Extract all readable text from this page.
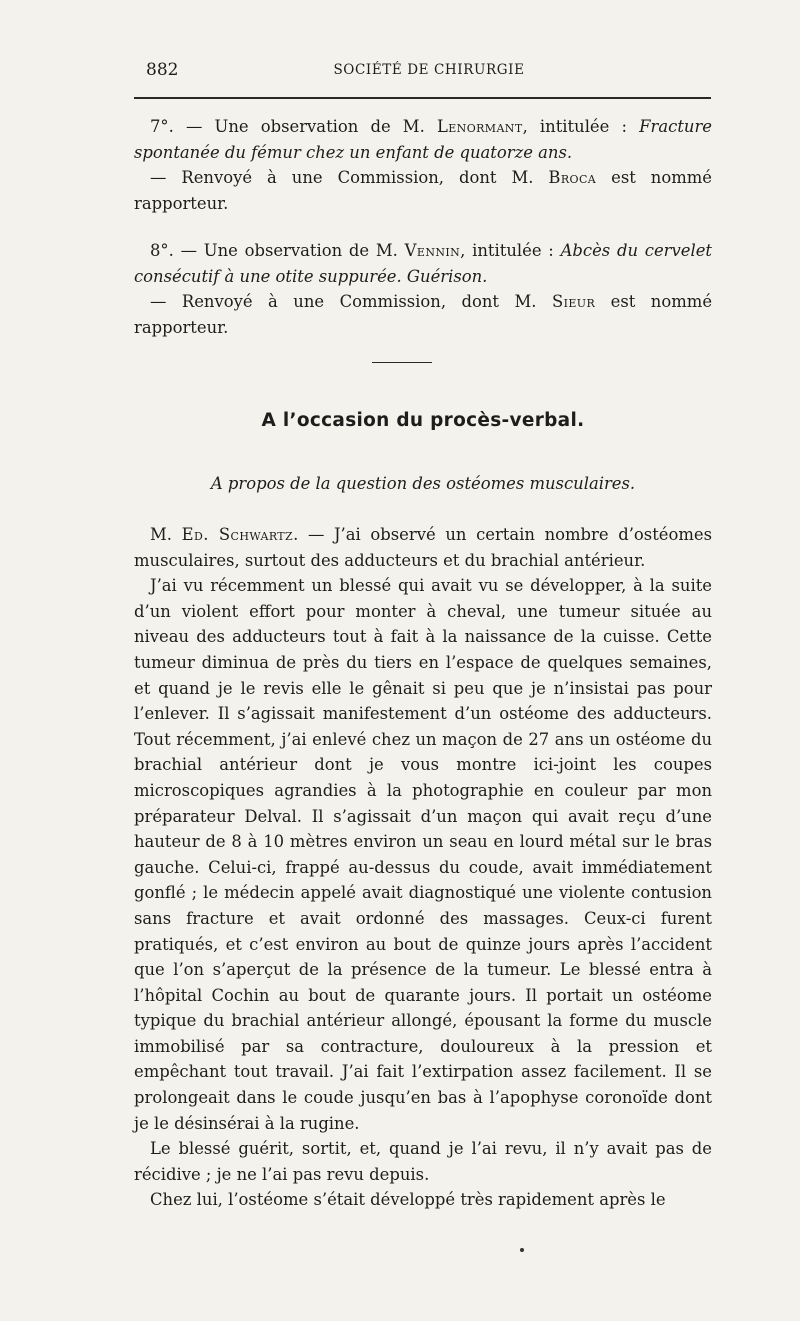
882	SOCIÉTÉ DE CHIRURGIE

7°. — Une observation de M. Lenormant, intitulée : Fracture spontanée du fémur chez un enfant de quatorze ans.

— Renvoyé à une Commission, dont M. Broca est nommé rapporteur.

8°. — Une observation de M. Vennin, intitulée : Abcès du cervelet consécutif à une otite suppurée. Guérison.

— Renvoyé à une Commission, dont M. Sieur est nommé rapporteur.

A l’occasion du procès-verbal.
A propos de la question des ostéomes musculaires.

M. Ed. Schwartz. — J’ai observé un certain nombre d’ostéomes musculaires, surtout des adducteurs et du brachial antérieur.

J’ai vu récemment un blessé qui avait vu se développer, à la suite d’un violent effort pour monter à cheval, une tumeur située au niveau des adducteurs tout à fait à la naissance de la cuisse. Cette tumeur diminua de près du tiers en l’espace de quelques semaines, et quand je le revis elle le gênait si peu que je n’insistai pas pour l’enlever. Il s’agissait manifestement d’un ostéome des adducteurs. Tout récemment, j’ai enlevé chez un maçon de 27 ans un ostéome du brachial antérieur dont je vous montre ici-joint les coupes microscopiques agrandies à la photographie en couleur par mon préparateur Delval. Il s’agissait d’un maçon qui avait reçu d’une hauteur de 8 à 10 mètres environ un seau en lourd métal sur le bras gauche. Celui-ci, frappé au-dessus du coude, avait immédiatement gonflé ; le médecin appelé avait diagnostiqué une violente contusion sans fracture et avait ordonné des massages. Ceux-ci furent pratiqués, et c’est environ au bout de quinze jours après l’accident que l’on s’aperçut de la présence de la tumeur. Le blessé entra à l’hôpital Cochin au bout de quarante jours. Il portait un ostéome typique du brachial antérieur allongé, épousant la forme du muscle immobilisé par sa contracture, douloureux à la pression et empêchant tout travail. J’ai fait l’extirpation assez facilement. Il se prolongeait dans le coude jusqu’en bas à l’apophyse coronoïde dont je le désinsérai à la rugine.

Le blessé guérit, sortit, et, quand je l’ai revu, il n’y avait pas de récidive ; je ne l’ai pas revu depuis.

Chez lui, l’ostéome s’était développé très rapidement après le
